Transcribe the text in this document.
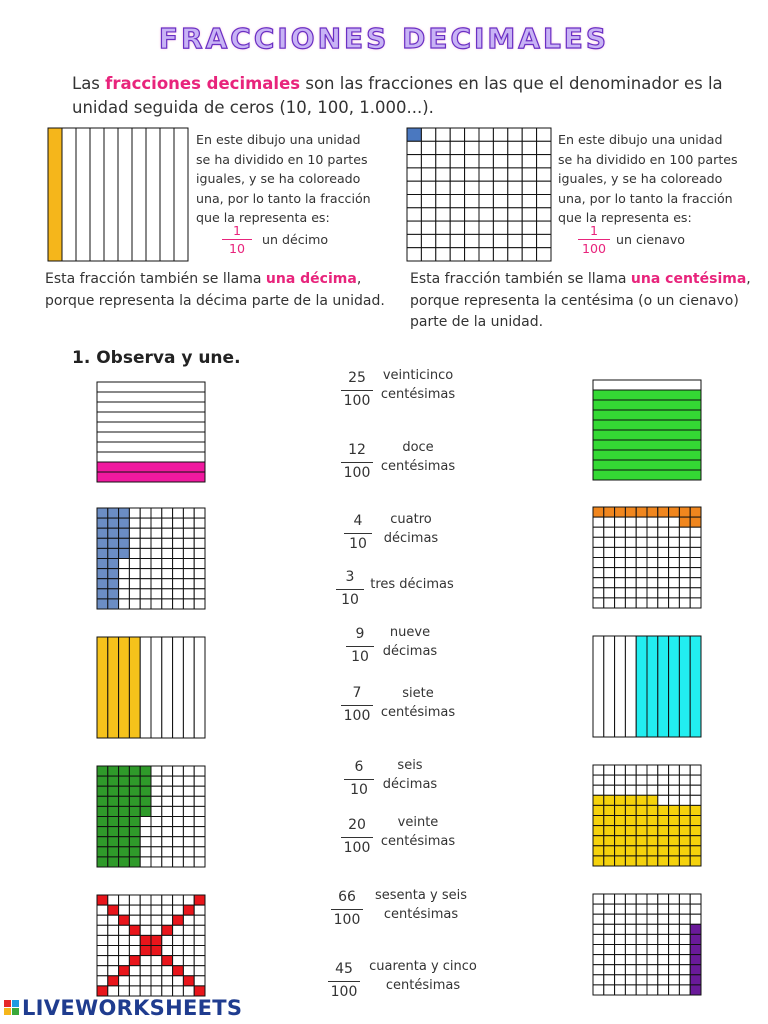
FRACCIONES DECIMALES
Las fracciones decimales son las fracciones en las que el denominador es la unidad seguida de ceros (10, 100, 1.000...).
En este dibujo una unidad
se ha dividido en 10 partes
iguales, y se ha coloreado
una, por lo tanto la fracción
que la representa es:
$\frac{1}{10}$ un décimo
Esta fracción también se llama una décima,
porque representa la décima parte de la unidad.
En este dibujo una unidad
se ha dividido en 100 partes
iguales, y se ha coloreado
una, por lo tanto la fracción
que la representa es:
$\frac{1}{100}$ un cienavo
Esta fracción también se llama una centésima,
porque representa la centésima (o un cienavo)
parte de la unidad.
1. Observa y une.
$\frac{25}{100}$ veinticinco
centésimas
$\frac{12}{100}$	doce
centésimas
$\frac{4}{10}$	cuatro
décimas
$\frac{3}{10}$ tres décimas
$\frac{9}{10}$	nueve
décimas
$\frac{7}{100}$	siete
centésimas
$\frac{6}{10}$	seis
décimas
$\frac{20}{100}$	veinte
centésimas
$\frac{66}{100}$ sesenta y seis
centésimas
$\frac{45}{100}$ cuarenta y cinco
centésimas
LIVEWORKSHEETS
